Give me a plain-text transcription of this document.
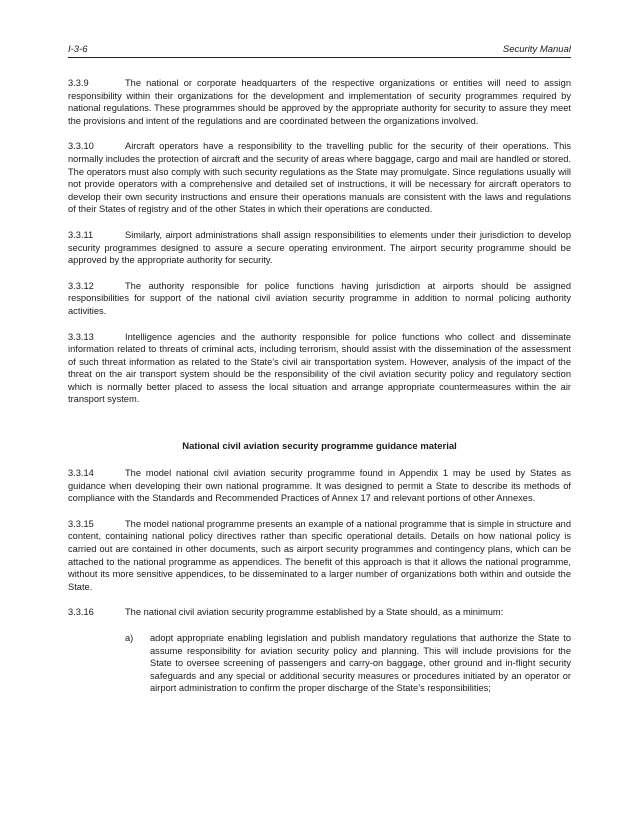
I-3-6	Security Manual

3.3.9	The national or corporate headquarters of the respective organizations or entities will need to assign responsibility within their organizations for the development and implementation of security programmes required by national regulations. These programmes should be approved by the appropriate authority for security to assure they meet the provisions and intent of the regulations and are coordinated between the organizations involved.

3.3.10	Aircraft operators have a responsibility to the travelling public for the security of their operations. This normally includes the protection of aircraft and the security of areas where baggage, cargo and mail are handled or stored. The operators must also comply with such security regulations as the State may promulgate. Since regulations usually will not provide operators with a comprehensive and detailed set of instructions, it will be necessary for aircraft operators to develop their own security instructions and ensure their operations manuals are consistent with the laws and regulations of their States of registry and of the other States in which their operations are conducted.

3.3.11	Similarly, airport administrations shall assign responsibilities to elements under their jurisdiction to develop security programmes designed to assure a secure operating environment. The airport security programme should be approved by the appropriate authority for security.

3.3.12	The authority responsible for police functions having jurisdiction at airports should be assigned responsibilities for support of the national civil aviation security programme in addition to normal policing authority activities.

3.3.13	Intelligence agencies and the authority responsible for police functions who collect and disseminate information related to threats of criminal acts, including terrorism, should assist with the dissemination of the assessment of such threat information as related to the State’s civil air transportation system. However, analysis of the impact of the threat on the air transport system should be the responsibility of the civil aviation security policy and regulatory section which is normally better placed to assess the local situation and arrange appropriate countermeasures within the air transport system.

National civil aviation security programme guidance material

3.3.14	The model national civil aviation security programme found in Appendix 1 may be used by States as guidance when developing their own national programme. It was designed to permit a State to describe its methods of compliance with the Standards and Recommended Practices of Annex 17 and relevant portions of other Annexes.

3.3.15	The model national programme presents an example of a national programme that is simple in structure and content, containing national policy directives rather than specific operational details. Details on how national policy is carried out are contained in other documents, such as airport security programmes and contingency plans, which can be attached to the national programme as appendices. The benefit of this approach is that it allows the national programme, without its more sensitive appendices, to be disseminated to a larger number of organizations both within and outside the State.

3.3.16	The national civil aviation security programme established by a State should, as a minimum:

a)	adopt appropriate enabling legislation and publish mandatory regulations that authorize the State to assume responsibility for aviation security policy and planning. This will include provisions for the State to oversee screening of passengers and carry-on baggage, other ground and in-flight security safeguards and any special or additional security measures or procedures initiated by an operator or airport administration to confirm the proper discharge of the State’s responsibilities;
